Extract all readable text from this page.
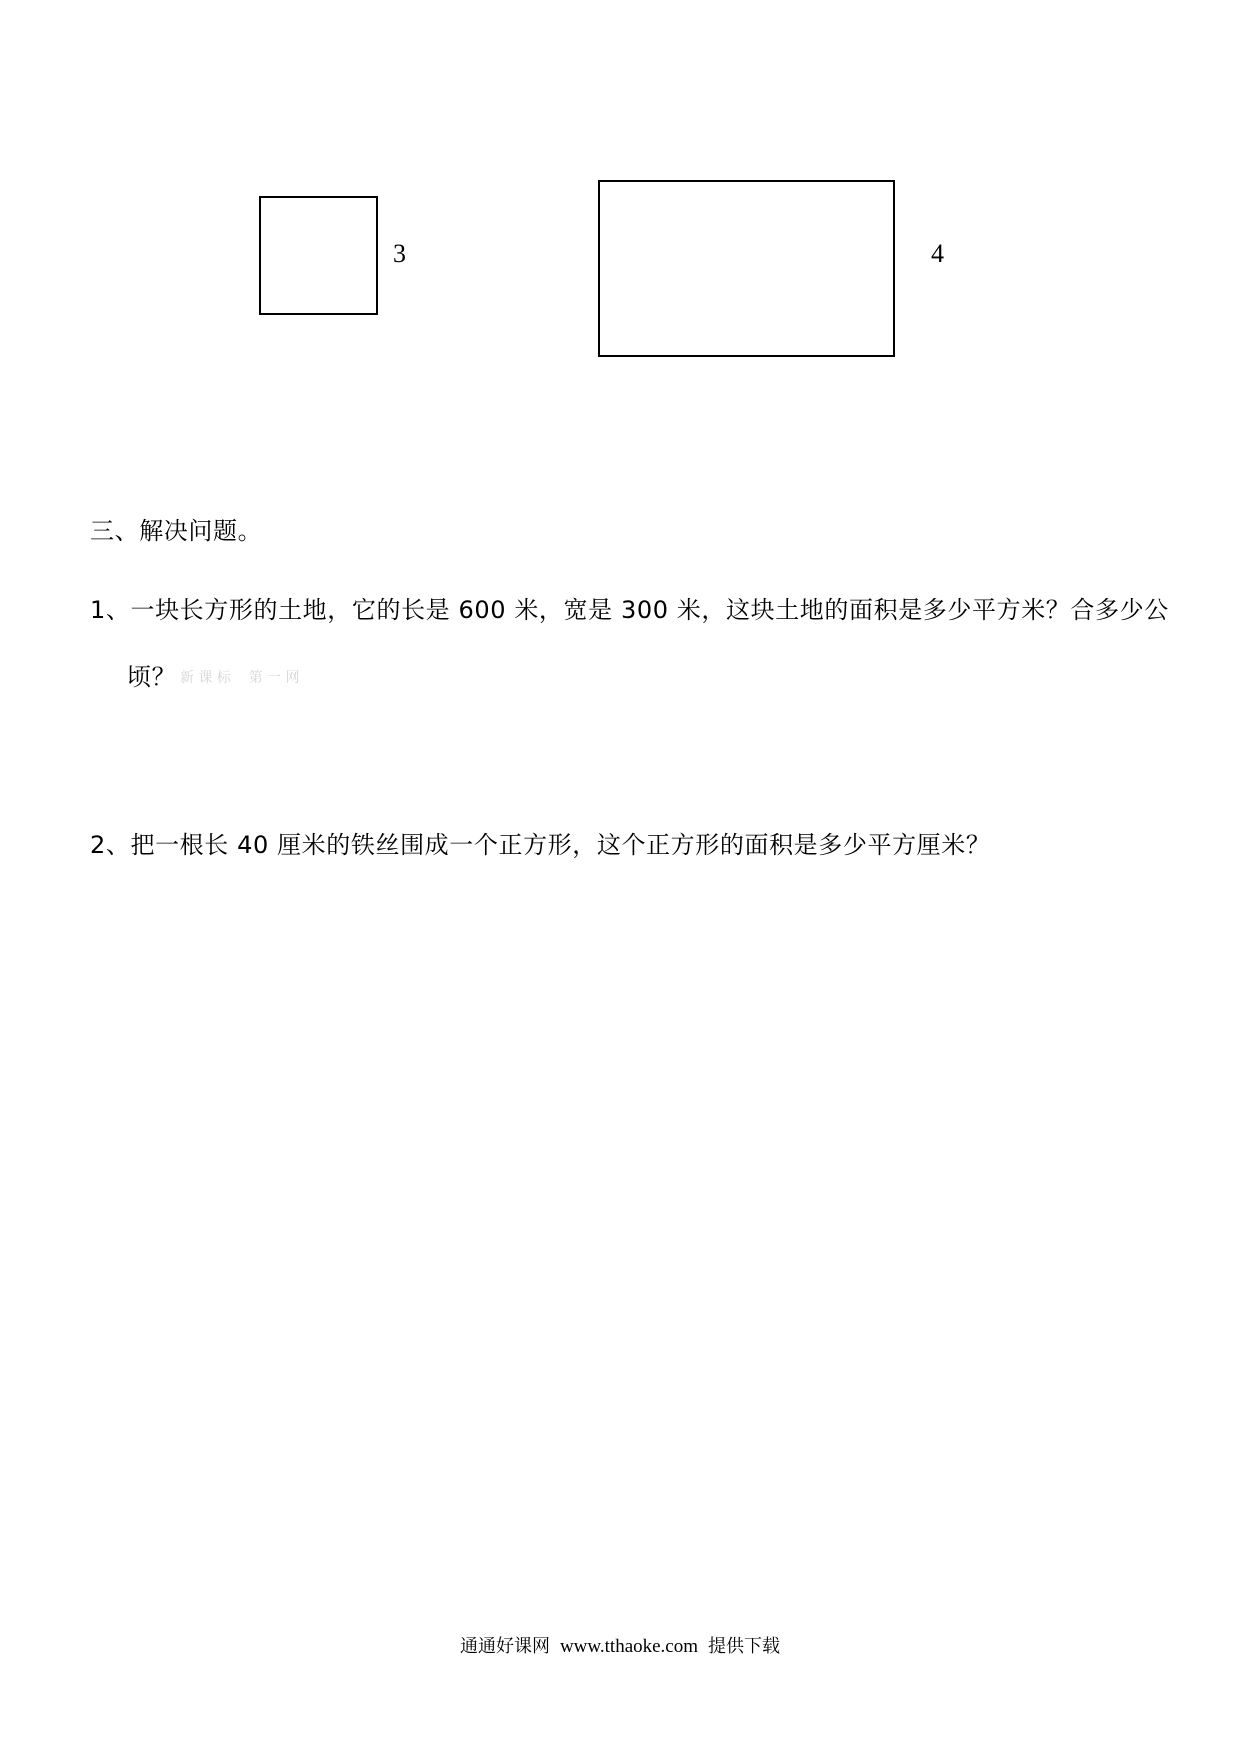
3	4
三、解决问题。
1、一块长方形的土地，它的长是 600 米，宽是 300 米，这块土地的面积是多少平方米？合多少公
顷？ 新 课 标    第 一 网
2、把一根长 40 厘米的铁丝围成一个正方形，这个正方形的面积是多少平方厘米？
通通好课网 www.tthaoke.com 提供下载
